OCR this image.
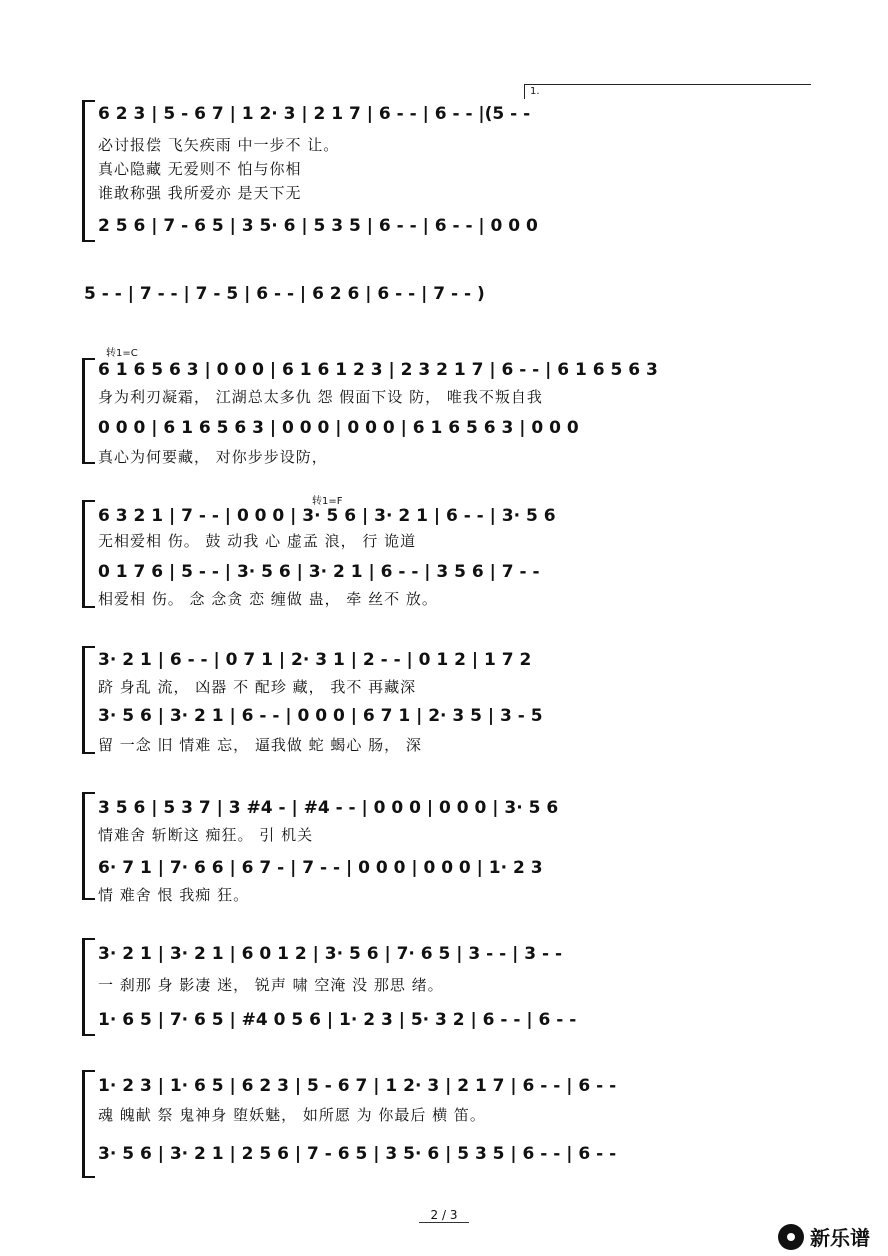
1.
6 2 3 | 5 - 6 7 | 1 2· 3 | 2 1 7 | 6 - - | 6 - - |(5 - -
必讨报偿 飞矢疾雨 中一步不 让。
真心隐藏 无爱则不 怕与你相
谁敢称强 我所爱亦 是天下无
2 5 6 | 7 - 6 5 | 3 5· 6 | 5 3 5 | 6 - - | 6 - - | 0 0 0
5 - - | 7 - - | 7 - 5 | 6 - - | 6 2 6 | 6 - - | 7 - - )
转1=C
6 1 6 5 6 3 | 0 0 0 | 6 1 6 1 2 3 | 2 3 2 1 7 | 6 - - | 6 1 6 5 6 3
身为利刃凝霜， 江湖总太多仇 怨 假面下设 防， 唯我不叛自我
0 0 0 | 6 1 6 5 6 3 | 0 0 0 | 0 0 0 | 6 1 6 5 6 3 | 0 0 0
真心为何要藏， 对你步步设防，
转1=F
6 3 2 1 | 7 - - | 0 0 0 | 3· 5 6 | 3· 2 1 | 6 - - | 3· 5 6
无相爱相 伤。 鼓 动我 心 虚孟 浪， 行 诡道
0 1 7 6 | 5 - - | 3· 5 6 | 3· 2 1 | 6 - - | 3 5 6 | 7 - -
相爱相 伤。 念 念贪 恋 缠做 蛊， 牵 丝不 放。
3· 2 1 | 6 - - | 0 7 1 | 2· 3 1 | 2 - - | 0 1 2 | 1 7 2
跻 身乱 流， 凶器 不 配珍 藏， 我不 再藏深
3· 5 6 | 3· 2 1 | 6 - - | 0 0 0 | 6 7 1 | 2· 3 5 | 3 - 5
留 一念 旧 情难 忘， 逼我做 蛇 蝎心 肠， 深
3 5 6 | 5 3 7 | 3 #4 - | #4 - - | 0 0 0 | 0 0 0 | 3· 5 6
情难舍 斩断这 痴狂。 引 机关
6· 7 1 | 7· 6 6 | 6 7 - | 7 - - | 0 0 0 | 0 0 0 | 1· 2 3
情 难舍 恨 我痴 狂。
3· 2 1 | 3· 2 1 | 6 0 1 2 | 3· 5 6 | 7· 6 5 | 3 - - | 3 - -
一 刹那 身 影凄 迷， 锐声 啸 空淹 没 那思 绪。
1· 6 5 | 7· 6 5 | #4 0 5 6 | 1· 2 3 | 5· 3 2 | 6 - - | 6 - -
1· 2 3 | 1· 6 5 | 6 2 3 | 5 - 6 7 | 1 2· 3 | 2 1 7 | 6 - - | 6 - -
魂 魄献 祭 鬼神身 堕妖魅， 如所愿 为 你最后 横 笛。
3· 5 6 | 3· 2 1 | 2 5 6 | 7 - 6 5 | 3 5· 6 | 5 3 5 | 6 - - | 6 - -
2 / 3
新乐谱
